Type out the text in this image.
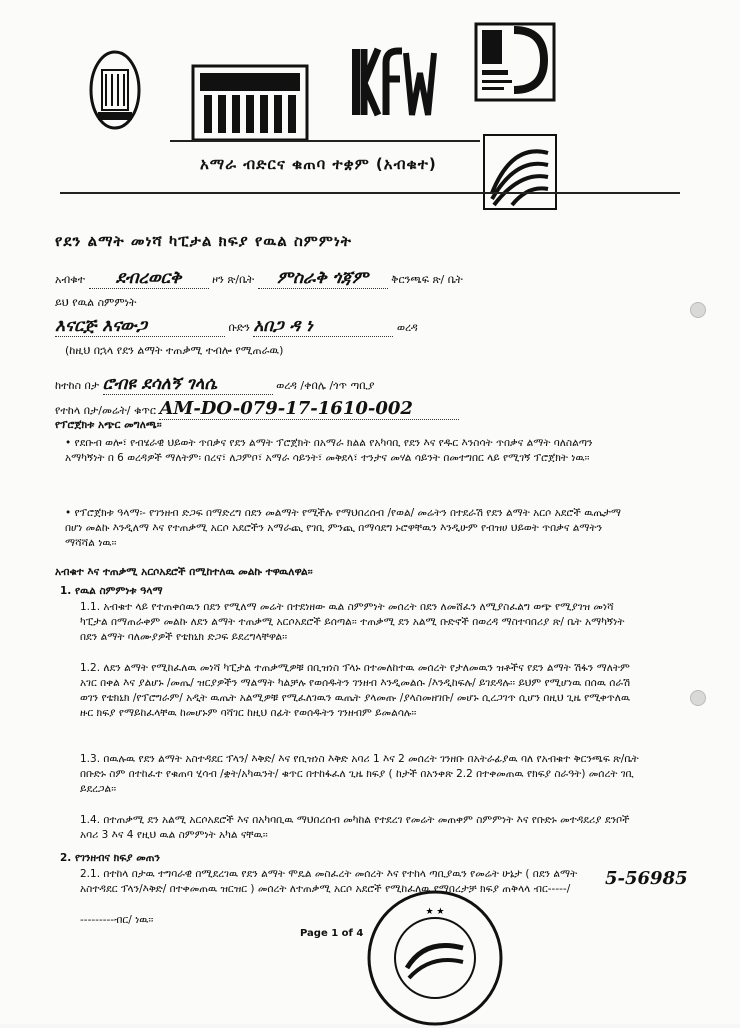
አማራ ብድርና ቁጠባ ተቋም (አብቁተ)
የደን ልማት መነሻ ካፒታል ክፍያ የዉል ስምምነት
አብቁተ ደብረወርቅ	ዞን ጽ/ቤት ምስራቅ ጎጃም ቅርንጫፍ ጽ/ ቤት
ይህ የዉል ስምምነት
እናርጅ እናውጋ	ቡድን አበጋ ዳ ነ	ወረዳ
(ከዚህ በኋላ የደን ልማት ተጠቃሚ ተብሎ የሚጠራዉ)
ከተከስ በታ ሮብዩ ደሳለኝ ገላሴ	ወረዳ /ቀበሌ /ጎጥ ጣቢያ
የተከላ በታ/መሬት/ ቁጥር AM-DO-079-17-1610-002
የፕሮጀክቱ አጭር መግለጫ፡፡
• የደቡብ ወሎ፣ የብሄራዊ ህይወት ጥበቃና የደን ልማት ፕሮጀክት በአማራ ክልል የአካባቢ የደን እና የዱር እንስሳት ጥበቃና ልማት ባለስልጣን አማካኝነት በ 6 ወረዳዎች ማለትም፡ በረና፣ ለጋምቦ፣ አማራ ሳይንት፣ መቅደላ፣ ተንታና መሃል ሳይንት በመተግበር ላይ የሚገኝ ፕሮጀክት ነዉ፡፡
• የፕሮጀክቱ ዓላማ፡- የገንዘብ ድጋፍ በማድረግ በደን መልማት የሚችሉ የማህበረሰብ /የወል/ መሬትን በተደራሽ የደን ልማት አርሶ አደሮች ዉጤታማ በሆነ መልኩ እንዲለማ እና የተጠቃሚ አርሶ አደሮችን አማራጪ የገቢ ምንጪ በማሳደግ ኑሮዋቸዉን እንዲሁም የብዝሀ ህይወት ጥበቃና ልማትን ማሻሻል ነዉ፡፡
አብቁተ እና ተጠቃሚ አርሶአደሮች በሚከተለዉ መልኩ ተዋዉለዋል፡፡
1. የዉል ስምምነቱ ዓላማ
1.1. አብቁተ ላይ የተጠቀሰዉን በደን የሚለማ መሬት በተደነዘው ዉል ስምምነት መሰረት በደን ለመሸፈን ለሚያስፈልግ ወጭ የሚያገዝ መነሻ ካፒታል በማጠራቀም መልኩ ለደን ልማት ተጠቃሚ አርሶአደሮች ይሰጣል፡፡ ተጠቃሚ ደን አልሚ ቡድኖች በወረዳ ማስተባበሪያ ጽ/ ቤት አማካኝነት በደን ልማት ባለሙያዎች የቴክኒክ ድጋፍ ይደረግላቸዋል፡፡
1.2. ለደን ልማት የሚከፈለዉ መነሻ ካፒታል ተጠቃሚዎቹ በቢዝነስ ፕላኑ በተመለከተዉ መሰረት የታለመዉን ዝቶችና የደን ልማት ሽፋን ማለትም አገር በቀል እና ያልሆኑ /መጤ/ ዝርያዎችን ማልማት ካልቻሉ የወሰዱትን ገንዘብ እንዲመልሱ /እንዲከፍሉ/ ይገደዳሉ፡፡ ይህም የሚሆነዉ በሰዉ ሰራሽ ወገን የቴክኒክ /የፕሮግራም/ አዲት ዉጤት አልሚዎቹ የሚፈለገዉን ዉጤት ያላመጡ /ያላስመዘገቡ/ መሆኑ ሲረጋገጥ ሲሆን በዚህ ጊዜ የሚቀጥለዉ ዙር ክፍያ የማይከፈላቸዉ ከመሆኑም ባሻገር ከዚህ በፊት የወሰዱትን ገንዘብም ይመልሳሉ፡፡
1.3. በዉሉዉ የደን ልማት አስተዳደር ፕላን/ እቅድ/ እና የቢዝነስ እቅድ አባሪ 1 እና 2 መሰረት ገንዘቡ በአትራፊያዉ ባለ የአብቁተ ቅርንጫፍ ጽ/ቤት በቡድኑ ስም በተከፈተ የቁጠባ ሂሳብ /ቋት/አካዉንት/ ቁጥር በተከፋፈለ ጊዜ ክፍያ ( ከታች በአንቀጽ 2.2 በተቀመጠዉ የክፍያ ስራዓት) መሰረት ገቢ ይደረጋል፡፡
1.4. በተጠቃሚ ደን አልሚ አርሶአደሮች እና በአካባቢዉ ማህበረሰብ መካከል የተደረገ የመሬት መጠቀም ስምምነት እና የቡድኑ መተዳደሪያ ደንቦች አባሪ 3 እና 4 የዚህ ዉል ስምምነት አካል ናቸዉ፡፡
2. የገንዘብና ክፍያ መጠን
2.1. በተከላ በታዉ ተግባራዊ በሚደረገዉ የደን ልማት ሞዴል መስፈረት መሰረት እና የተከላ ጣቢያዉን የመሬት ሁኔታ ( በደን ልማት አስተዳደር ፕላን/እቅድ/ በተቀመጠዉ ዝርዝር ) መሰረት ለተጠቃሚ አርሶ አደሮች የሚከፈለዉ የማበረታቻ ክፍያ ጠቅላላ ብር-----/
---------ብር/ ነዉ፡፡
5-56985
Page 1 of 4
★ ★
